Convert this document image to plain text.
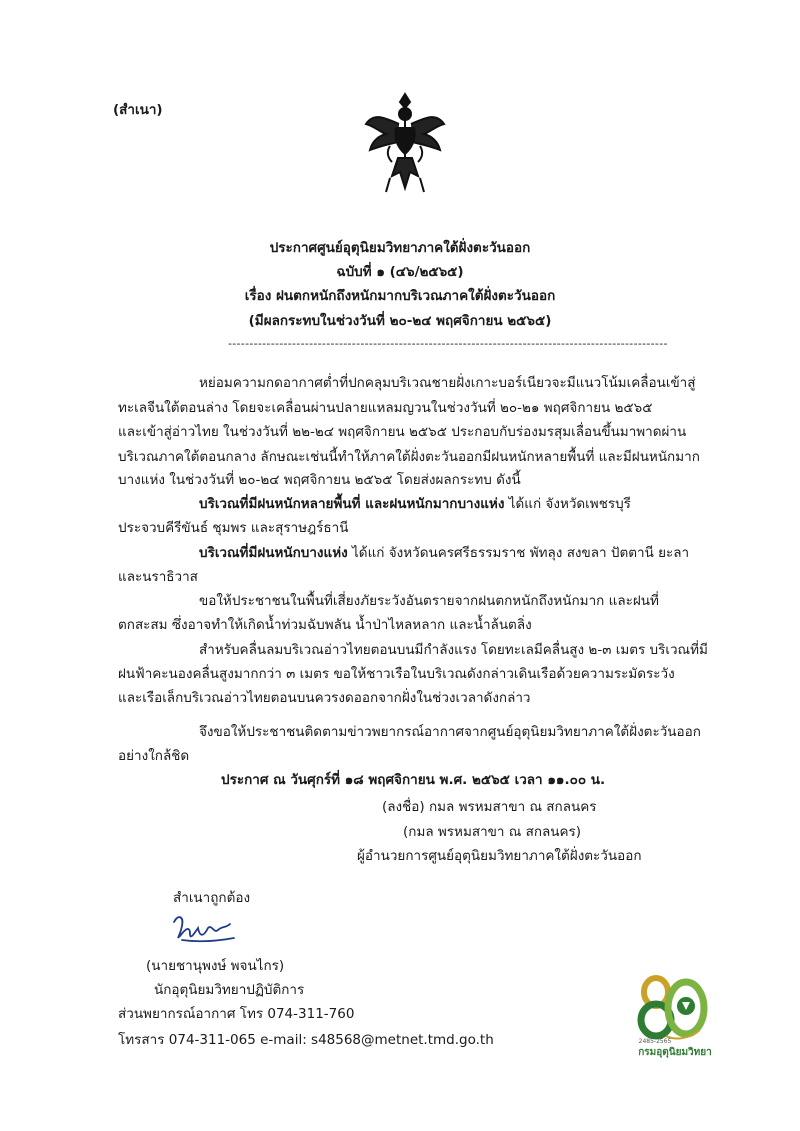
(สำเนา)
ประกาศศูนย์อุตุนิยมวิทยาภาคใต้ฝั่งตะวันออก
ฉบับที่ ๑ (๔๖/๒๕๖๕)
เรื่อง ฝนตกหนักถึงหนักมากบริเวณภาคใต้ฝั่งตะวันออก
(มีผลกระทบในช่วงวันที่ ๒๐-๒๔ พฤศจิกายน ๒๕๖๕)
-------------------------------------------------------------------------------------------------------
หย่อมความกดอากาศต่ำที่ปกคลุมบริเวณชายฝั่งเกาะบอร์เนียวจะมีแนวโน้มเคลื่อนเข้าสู่
ทะเลจีนใต้ตอนล่าง โดยจะเคลื่อนผ่านปลายแหลมญวนในช่วงวันที่ ๒๐-๒๑ พฤศจิกายน ๒๕๖๕
และเข้าสู่อ่าวไทย ในช่วงวันที่ ๒๒-๒๔ พฤศจิกายน ๒๕๖๕ ประกอบกับร่องมรสุมเลื่อนขึ้นมาพาดผ่าน
บริเวณภาคใต้ตอนกลาง ลักษณะเช่นนี้ทำให้ภาคใต้ฝั่งตะวันออกมีฝนหนักหลายพื้นที่ และมีฝนหนักมาก
บางแห่ง ในช่วงวันที่ ๒๐-๒๔ พฤศจิกายน ๒๕๖๕ โดยส่งผลกระทบ ดังนี้
บริเวณที่มีฝนหนักหลายพื้นที่ และฝนหนักมากบางแห่ง ได้แก่ จังหวัดเพชรบุรี
ประจวบคีรีขันธ์ ชุมพร และสุราษฎร์ธานี
บริเวณที่มีฝนหนักบางแห่ง ได้แก่ จังหวัดนครศรีธรรมราช พัทลุง สงขลา ปัตตานี ยะลา
และนราธิวาส
ขอให้ประชาชนในพื้นที่เสี่ยงภัยระวังอันตรายจากฝนตกหนักถึงหนักมาก และฝนที่
ตกสะสม ซึ่งอาจทำให้เกิดน้ำท่วมฉับพลัน น้ำป่าไหลหลาก และน้ำล้นตลิ่ง
สำหรับคลื่นลมบริเวณอ่าวไทยตอนบนมีกำลังแรง โดยทะเลมีคลื่นสูง ๒-๓ เมตร บริเวณที่มี
ฝนฟ้าคะนองคลื่นสูงมากกว่า ๓ เมตร ขอให้ชาวเรือในบริเวณดังกล่าวเดินเรือด้วยความระมัดระวัง
และเรือเล็กบริเวณอ่าวไทยตอนบนควรงดออกจากฝั่งในช่วงเวลาดังกล่าว
จึงขอให้ประชาชนติดตามข่าวพยากรณ์อากาศจากศูนย์อุตุนิยมวิทยาภาคใต้ฝั่งตะวันออก
อย่างใกล้ชิด
ประกาศ ณ วันศุกร์ที่ ๑๘ พฤศจิกายน พ.ศ. ๒๕๖๕ เวลา ๑๑.๐๐ น.
(ลงชื่อ) กมล พรหมสาขา ณ สกลนคร
(กมล พรหมสาขา ณ สกลนคร)
ผู้อำนวยการศูนย์อุตุนิยมวิทยาภาคใต้ฝั่งตะวันออก
สำเนาถูกต้อง
(นายชานุพงษ์ พจนไกร)
นักอุตุนิยมวิทยาปฏิบัติการ
ส่วนพยากรณ์อากาศ โทร 074-311-760
โทรสาร 074-311-065 e-mail: s48568@metnet.tmd.go.th
กรมอุตุนิยมวิทยา
2485-2565
